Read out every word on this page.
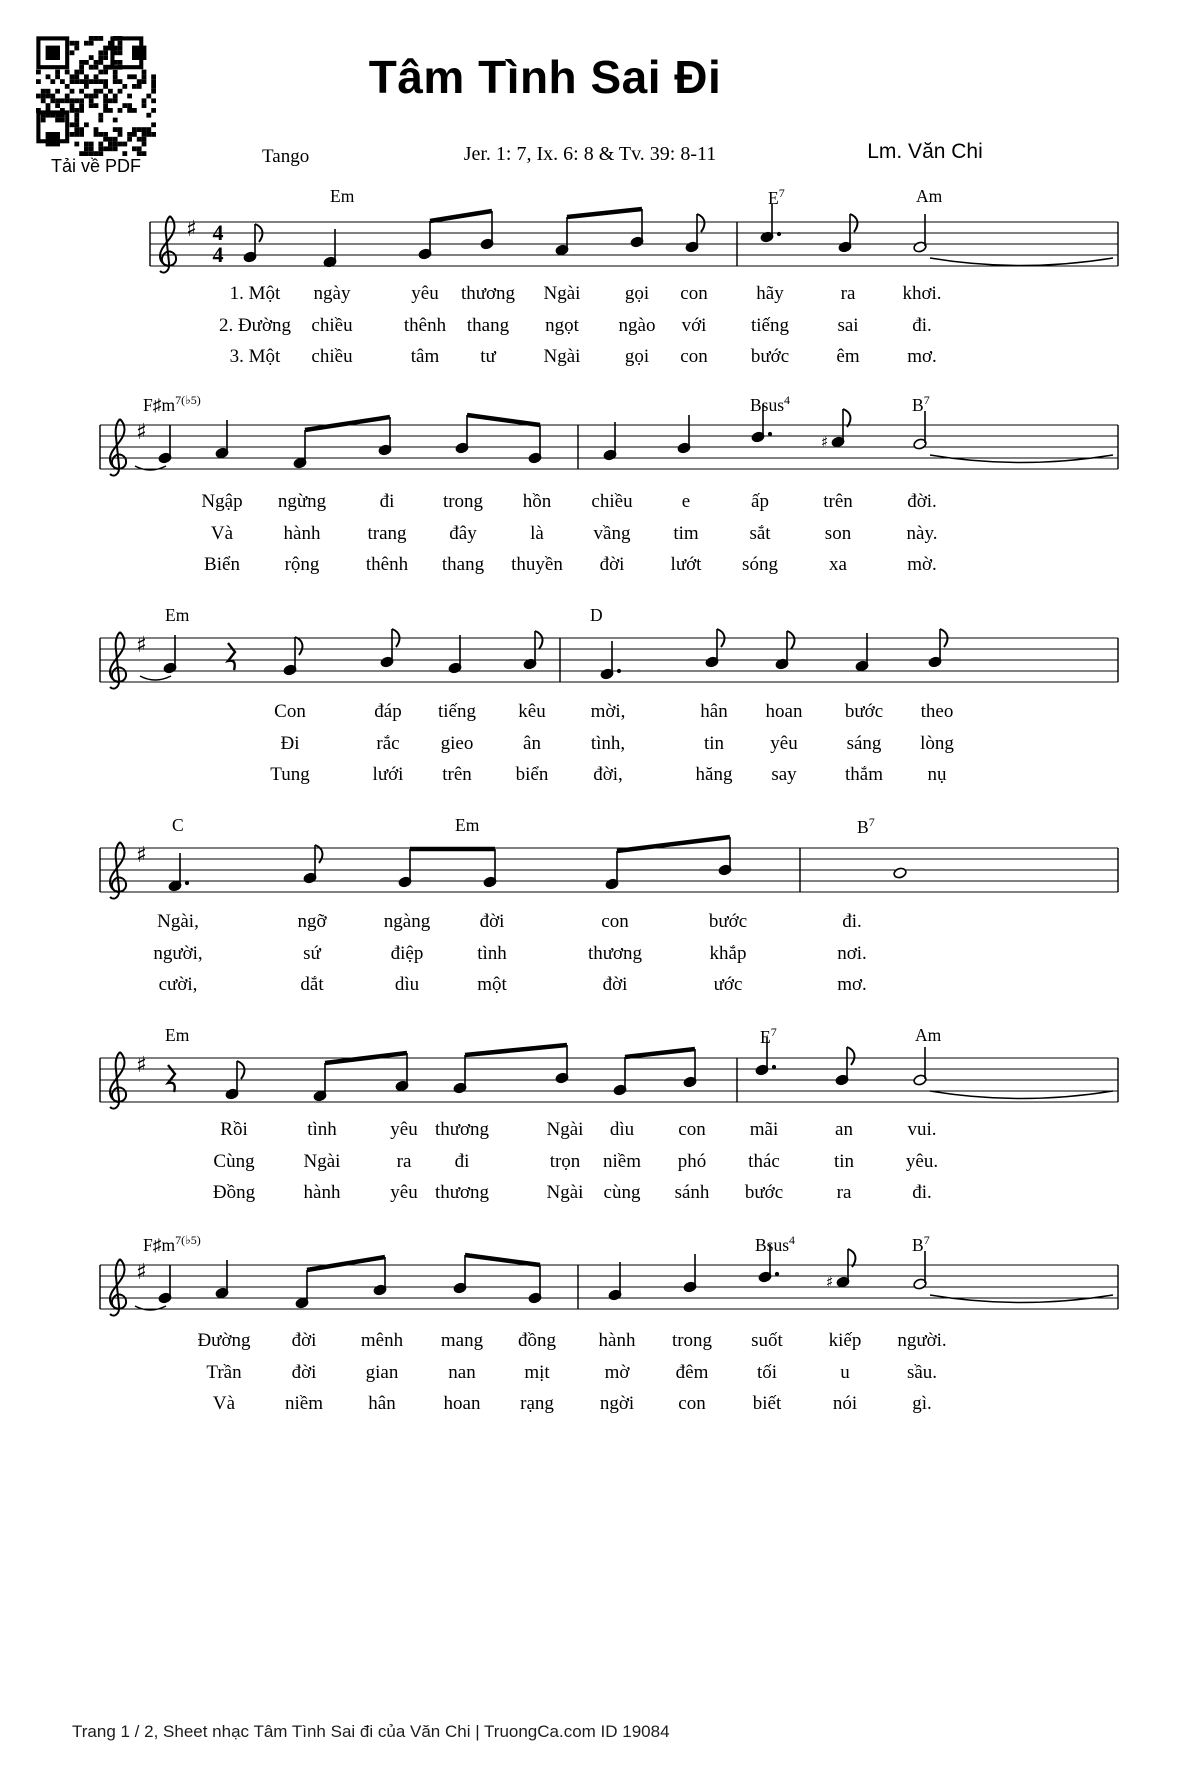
Tải về PDF
Tâm Tình Sai Đi
Tango	Jer. 1: 7, Ix. 6: 8 & Tv. 39: 8-11	Lm. Văn Chi
Em	$E^7$	Am
♯ 4
4
1. Một ngày	yêu thương Ngài gọi con	hãy	ra khơi.
2. Đường chiều	thênh thang ngọt ngào với tiếng	sai	đi.
3. Một chiều	tâm tư	Ngài gọi con bước êm	mơ.
$F♯m^{7(♭5)}$	Bsus$^4$	$B^7$
♯	♯
Ngập ngừng	đi	trong hồn chiều	e	ấp	trên	đời.
Và	hành trang đây	là	vầng tim	sắt	son	này.
Biển rộng thênh thang thuyền đời lướt sóng	xa	mờ.
Em	D
♯
Con	đáp tiếng kêu mời,	hân hoan bước theo
Đi	rắc gieo	ân	tình,	tin yêu	sáng lòng
Tung	lưới trên biển đời,	hăng say	thắm nụ
C	Em	$B^7$
♯
Ngài,	ngỡ	ngàng	đời	con	bước	đi.
người,	sứ	điệp	tình	thương	khắp	nơi.
cười,	dắt	dìu	một	đời	ước	mơ.
Em	$E^7$	Am
♯
Rồi	tình	yêu thương	Ngài dìu con mãi	an	vui.
Cùng	Ngài	ra đi	trọn niềm phó thác	tin	yêu.
Đồng	hành	yêu thương	Ngài cùng sánh bước	ra	đi.
$F♯m^{7(♭5)}$	Bsus$^4$	$B^7$
♯	♯
Đường đời mênh mang đồng hành trong suốt kiếp người.
Trần	đời	gian	nan	mịt	mờ đêm	tối	u	sầu.
Và	niềm hân	hoan rạng ngời con biết	nói	gì.
Trang 1 / 2, Sheet nhạc Tâm Tình Sai đi của Văn Chi | TruongCa.com ID 19084
